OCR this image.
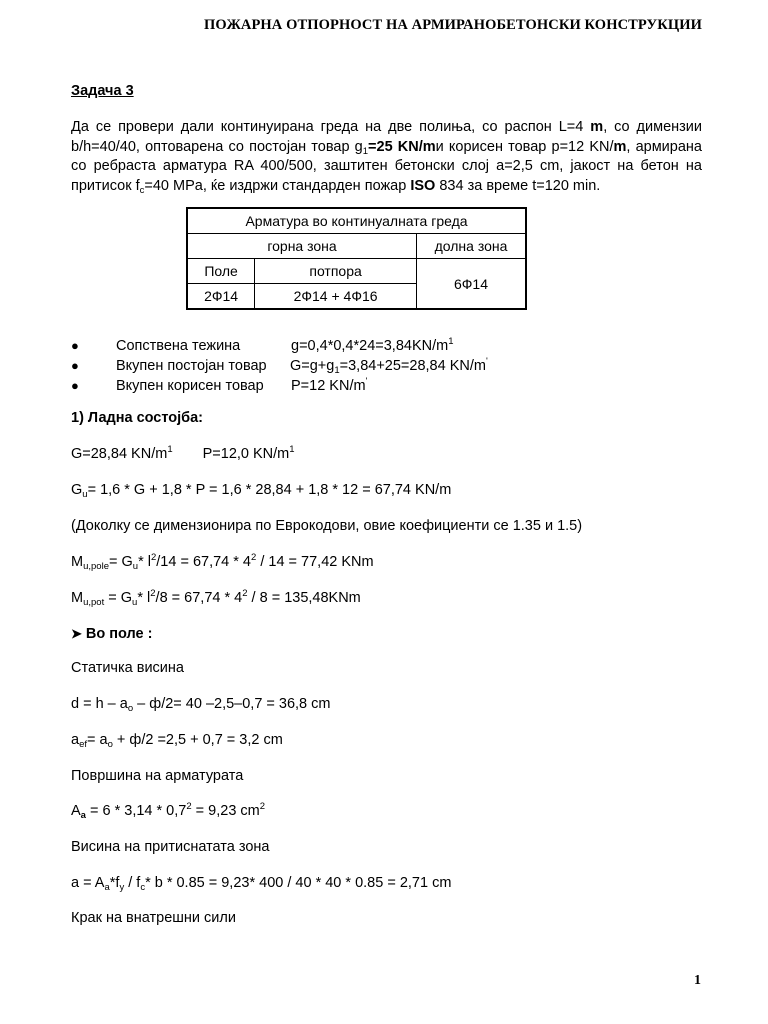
ПОЖАРНА ОТПОРНОСТ НА АРМИРАНОБЕТОНСКИ КОНСТРУКЦИИ
Задача 3

Да се провери дали континуирана греда на две полиња, со распон L=4 m, со димензии b/h=40/40, оптоварена со постојан товар $g_1=25$ KN/mи корисен товар p=12 KN/m, армирана со ребраста арматура RA 400/500, заштитен бетонски слој a=2,5 cm, јакост на бетон на притисок $f_c=40$ MPa, ќе издржи стандарден пожар ISO 834 за време t=120 min.

Арматура во континуалната греда		
горна зона		долна зона
Поле	потпора	6Ф14
2Ф14	2Ф14 + 4Ф16	
●	Сопствена тежина	$g=0,4*0,4*24=3,84KN/m^1$
●	Вкупен постојан товар $G=g+g_1=3,84+25=28,84$ KN/m'
●	Вкупен корисен товар P=12 KN/m'
1) Ладна состојба:
G=28,84 $KN/m^1$ P=12,0 $KN/m^1$
$G_u= 1,6 * G + 1,8 * P = 1,6 * 28,84 + 1,8 * 12 = 67,74$ KN/m
(Доколку се димензионира по Еврокодови, овие коефициенти се 1.35 и 1.5)
$M_{u,pole}= G_u*$ $l^2/14 = 67,74 * 4^2 / 14 = 77,42$ KNm
$M_{u,pot} = G_u*$ $l^2/8 = 67,74 * 4^2 / 8 = 135,48KNm$
➤ Во поле :
Статичка висина
$d = h - a_o - ф/2= 40$ –2,5–0,7 = 36,8 cm
$a_{ef}= a_o + ф/2 =2,5 + 0,7 = 3,2$ cm
Површина на арматурата
$A_a = 6 * 3,14 * 0,7^2 = 9,23$ $cm^2$
Висина на притиснатата зона
$a = A_a*f_y / f_c*$ b * 0.85 = 9,23* 400 / 40 * 40 * 0.85 = 2,71 cm
Крак на внатрешни сили
1
